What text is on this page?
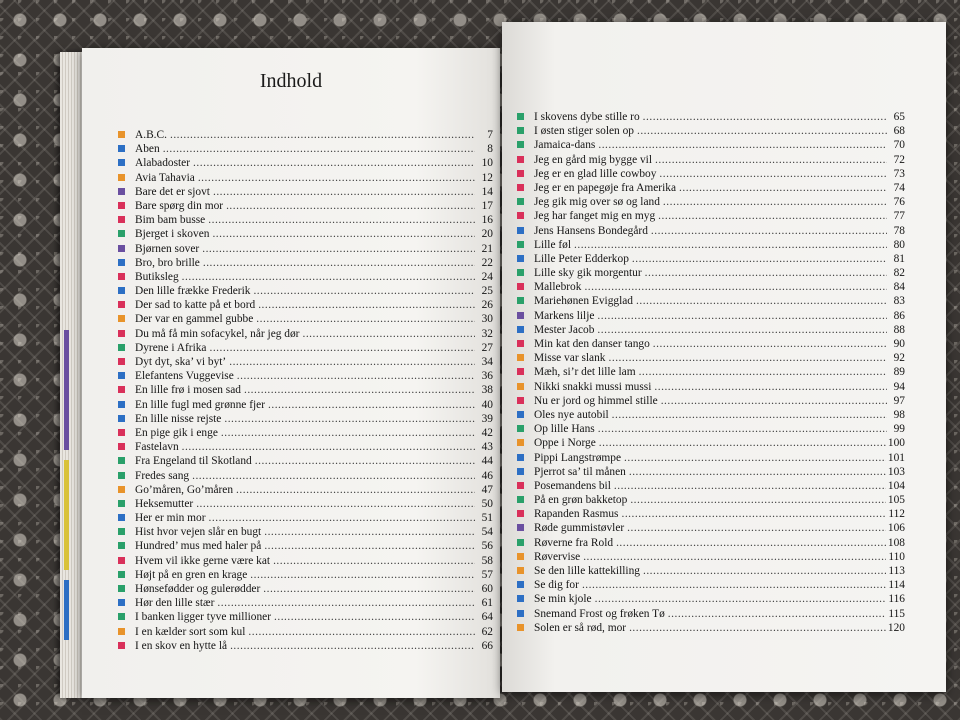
Indhold
A.B.C. .....	7
Aben .....	8
Alabadoster .....	10
Avia Tahavia .....	12
Bare det er sjovt .....	14
Bare spørg din mor .....	17
Bim bam busse .....	16
Bjerget i skoven .....	20
Bjørnen sover .....	21
Bro, bro brille .....	22
Butiksleg .....	24
Den lille frække Frederik .....	25
Der sad to katte på et bord .....	26
Der var en gammel gubbe .....	30
Du må få min sofacykel, når jeg dør .....	32
Dyrene i Afrika .....	27
Dyt dyt, ska’ vi byt’ .....	34
Elefantens Vuggevise .....	36
En lille frø i mosen sad .....	38
En lille fugl med grønne fjer .....	40
En lille nisse rejste .....	39
En pige gik i enge .....	42
Fastelavn .....	43
Fra Engeland til Skotland .....	44
Fredes sang .....	46
Go’måren, Go’måren .....	47
Heksemutter .....	50
Her er min mor .....	51
Hist hvor vejen slår en bugt .....	54
Hundred’ mus med haler på .....	56
Hvem vil ikke gerne være kat .....	58
Højt på en gren en krage .....	57
Hønsefødder og gulerødder .....	60
Hør den lille stær .....	61
I banken ligger tyve millioner .....	64
I en kælder sort som kul .....	62
I en skov en hytte lå .....	66
I skovens dybe stille ro .....	65
I østen stiger solen op .....	68
Jamaica-dans .....	70
Jeg en gård mig bygge vil .....	72
Jeg er en glad lille cowboy .....	73
Jeg er en papegøje fra Amerika .....	74
Jeg gik mig over sø og land .....	76
Jeg har fanget mig en myg .....	77
Jens Hansens Bondegård .....	78
Lille føl .....	80
Lille Peter Edderkop .....	81
Lille sky gik morgentur .....	82
Mallebrok .....	84
Mariehønen Evigglad .....	83
Markens lilje .....	86
Mester Jacob .....	88
Min kat den danser tango .....	90
Misse var slank .....	92
Mæh, si’r det lille lam .....	89
Nikki snakki mussi mussi .....	94
Nu er jord og himmel stille .....	97
Oles nye autobil .....	98
Op lille Hans .....	99
Oppe i Norge .....	100
Pippi Langstrømpe .....	101
Pjerrot sa’ til månen .....	103
Posemandens bil .....	104
På en grøn bakketop .....	105
Rapanden Rasmus .....	112
Røde gummistøvler .....	106
Røverne fra Rold .....	108
Røvervise .....	110
Se den lille kattekilling .....	113
Se dig for .....	114
Se min kjole .....	116
Snemand Frost og frøken Tø .....	115
Solen er så rød, mor .....	120
